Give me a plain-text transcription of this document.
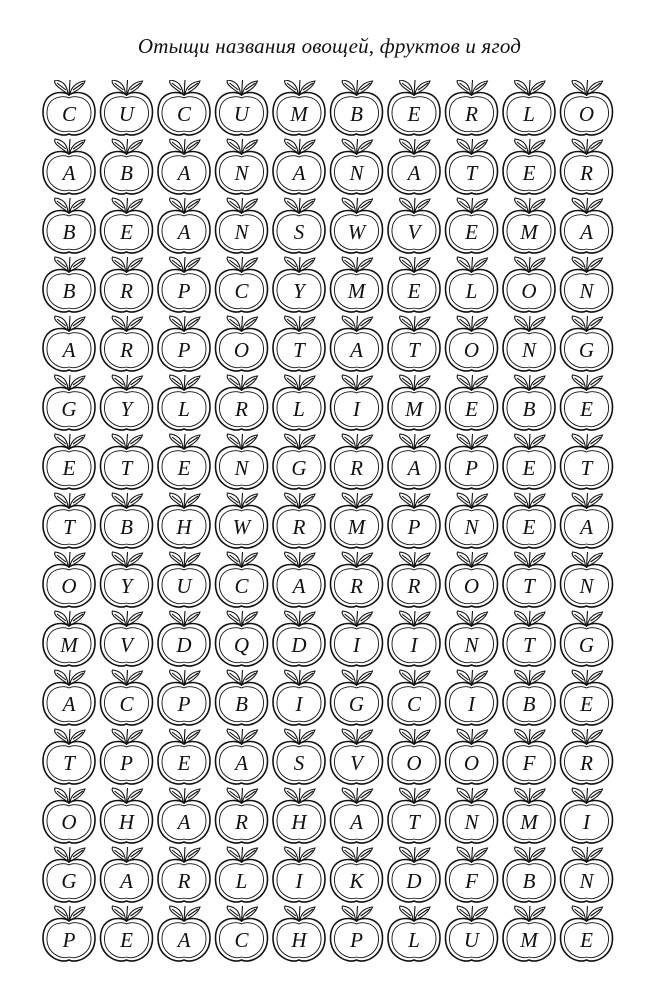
Отыщи названия овощей, фруктов и ягод
C U C U M B E R L O
A B A N A N A T E R
B E A N S W V E M A
B R P C Y M E L O N
A R P O T A T O N G
G Y L R L I M E B E
E T E N G R A P E T
T B H W R M P N E A
O Y U C A R R O T N
M V D Q D I I N T G
A C P B I G C I B E
T P E A S V O O F R
O H A R H A T N M I
G A R L I K D F B N
P E A C H P L U M E
